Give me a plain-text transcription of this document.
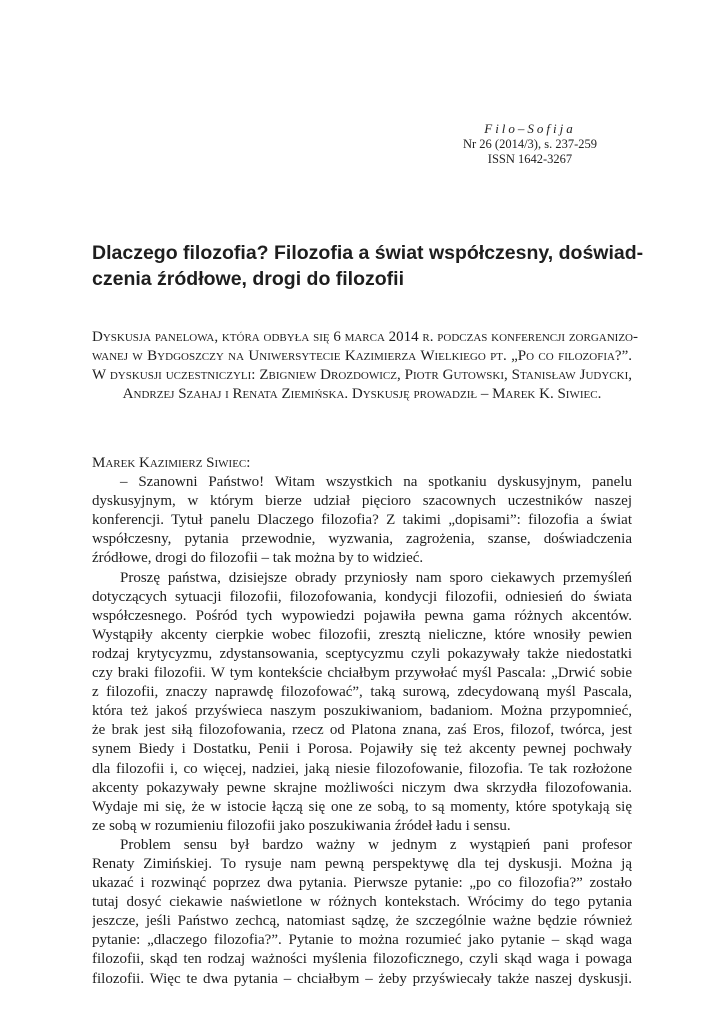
Filo–Sofija
Nr 26 (2014/3), s. 237-259
ISSN 1642-3267
Dlaczego filozofia? Filozofia a świat współczesny, doświad-
czenia źródłowe, drogi do filozofii
Dyskusja panelowa, która odbyła się 6 marca 2014 r. podczas konferencji zorganizo-
wanej w Bydgoszczy na Uniwersytecie Kazimierza Wielkiego pt. „Po co filozofia?”.
W dyskusji uczestniczyli: Zbigniew Drozdowicz, Piotr Gutowski, Stanisław Judycki,
Andrzej Szahaj i Renata Ziemińska. Dyskusję prowadził – Marek K. Siwiec.
Marek Kazimierz Siwiec:
– Szanowni Państwo! Witam wszystkich na spotkaniu dyskusyjnym, panelu
dyskusyjnym, w którym bierze udział pięcioro szacownych uczestników naszej
konferencji. Tytuł panelu Dlaczego filozofia? Z takimi „dopisami”: filozofia a świat
współczesny, pytania przewodnie, wyzwania, zagrożenia, szanse, doświadczenia
źródłowe, drogi do filozofii – tak można by to widzieć.
Proszę państwa, dzisiejsze obrady przyniosły nam sporo ciekawych przemyśleń
dotyczących sytuacji filozofii, filozofowania, kondycji filozofii, odniesień do świata
współczesnego. Pośród tych wypowiedzi pojawiła pewna gama różnych akcentów.
Wystąpiły akcenty cierpkie wobec filozofii, zresztą nieliczne, które wnosiły pewien
rodzaj krytycyzmu, zdystansowania, sceptycyzmu czyli pokazywały także niedostatki
czy braki filozofii. W tym kontekście chciałbym przywołać myśl Pascala: „Drwić sobie
z filozofii, znaczy naprawdę filozofować”, taką surową, zdecydowaną myśl Pascala,
która też jakoś przyświeca naszym poszukiwaniom, badaniom. Można przypomnieć,
że brak jest siłą filozofowania, rzecz od Platona znana, zaś Eros, filozof, twórca, jest
synem Biedy i Dostatku, Penii i Porosa. Pojawiły się też akcenty pewnej pochwały
dla filozofii i, co więcej, nadziei, jaką niesie filozofowanie, filozofia. Te tak rozłożone
akcenty pokazywały pewne skrajne możliwości niczym dwa skrzydła filozofowania.
Wydaje mi się, że w istocie łączą się one ze sobą, to są momenty, które spotykają się
ze sobą w rozumieniu filozofii jako poszukiwania źródeł ładu i sensu.
Problem sensu był bardzo ważny w jednym z wystąpień pani profesor
Renaty Zimińskiej. To rysuje nam pewną perspektywę dla tej dyskusji. Można ją
ukazać i rozwinąć poprzez dwa pytania. Pierwsze pytanie: „po co filozofia?” zostało
tutaj dosyć ciekawie naświetlone w różnych kontekstach. Wrócimy do tego pytania
jeszcze, jeśli Państwo zechcą, natomiast sądzę, że szczególnie ważne będzie również
pytanie: „dlaczego filozofia?”. Pytanie to można rozumieć jako pytanie – skąd waga
filozofii, skąd ten rodzaj ważności myślenia filozoficznego, czyli skąd waga i powaga
filozofii. Więc te dwa pytania – chciałbym – żeby przyświecały także naszej dyskusji.
